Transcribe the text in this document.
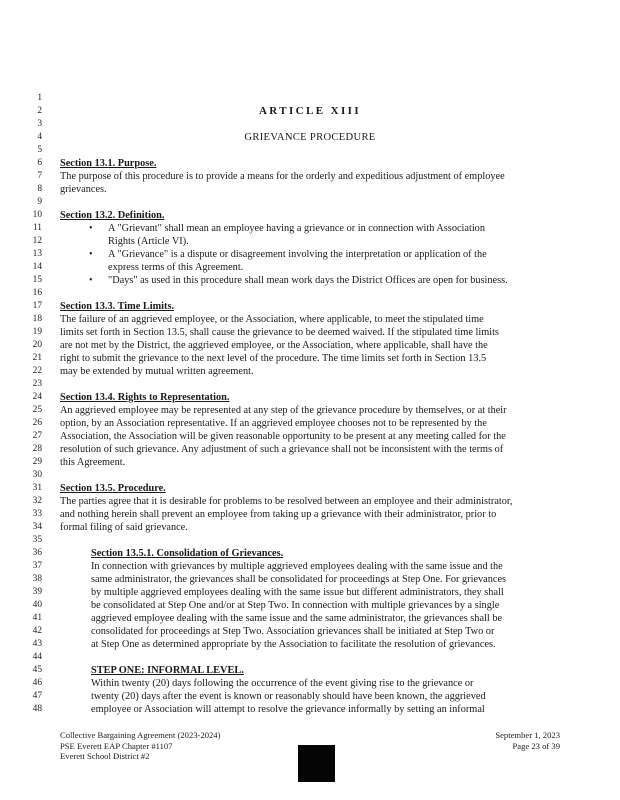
1
2
3
4
5
6
7
8
9
10
11
12
13
14
15
16
17
18
19
20
21
22
23
24
25
26
27
28
29
30
31
32
33
34
35
36
37
38
39
40
41
42
43
44
45
46
47
48
ARTICLE XIII
GRIEVANCE PROCEDURE
Section 13.1. Purpose.
The purpose of this procedure is to provide a means for the orderly and expeditious adjustment of employee
grievances.
Section 13.2. Definition.
• A "Grievant" shall mean an employee having a grievance or in connection with Association
Rights (Article VI).
• A "Grievance" is a dispute or disagreement involving the interpretation or application of the
express terms of this Agreement.
• "Days" as used in this procedure shall mean work days the District Offices are open for business.
Section 13.3. Time Limits.
The failure of an aggrieved employee, or the Association, where applicable, to meet the stipulated time
limits set forth in Section 13.5, shall cause the grievance to be deemed waived. If the stipulated time limits
are not met by the District, the aggrieved employee, or the Association, where applicable, shall have the
right to submit the grievance to the next level of the procedure. The time limits set forth in Section 13.5
may be extended by mutual written agreement.
Section 13.4. Rights to Representation.
An aggrieved employee may be represented at any step of the grievance procedure by themselves, or at their
option, by an Association representative. If an aggrieved employee chooses not to be represented by the
Association, the Association will be given reasonable opportunity to be present at any meeting called for the
resolution of such grievance. Any adjustment of such a grievance shall not be inconsistent with the terms of
this Agreement.
Section 13.5. Procedure.
The parties agree that it is desirable for problems to be resolved between an employee and their administrator,
and nothing herein shall prevent an employee from taking up a grievance with their administrator, prior to
formal filing of said grievance.
Section 13.5.1. Consolidation of Grievances.
In connection with grievances by multiple aggrieved employees dealing with the same issue and the
same administrator, the grievances shall be consolidated for proceedings at Step One. For grievances
by multiple aggrieved employees dealing with the same issue but different administrators, they shall
be consolidated at Step One and/or at Step Two. In connection with multiple grievances by a single
aggrieved employee dealing with the same issue and the same administrator, the grievances shall be
consolidated for proceedings at Step Two. Association grievances shall be initiated at Step Two or
at Step One as determined appropriate by the Association to facilitate the resolution of grievances.
STEP ONE: INFORMAL LEVEL.
Within twenty (20) days following the occurrence of the event giving rise to the grievance or
twenty (20) days after the event is known or reasonably should have been known, the aggrieved
employee or Association will attempt to resolve the grievance informally by setting an informal
Collective Bargaining Agreement (2023-2024)
PSE Everett EAP Chapter #1107
Everett School District #2
September 1, 2023
Page 23 of 39
